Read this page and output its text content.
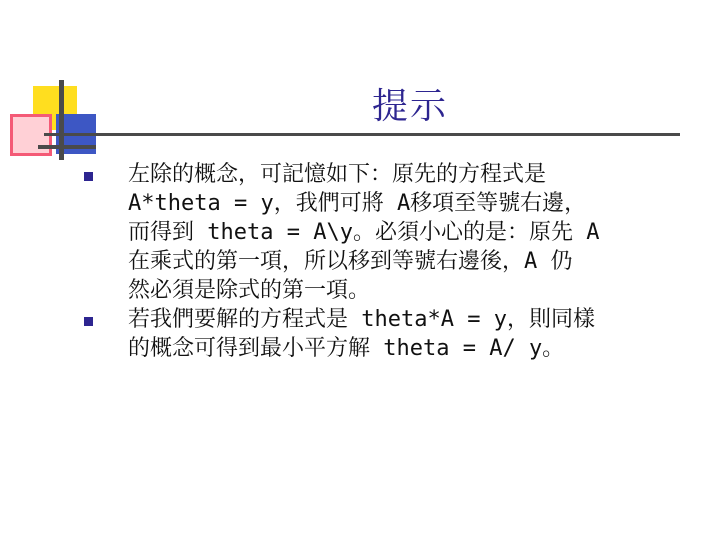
提示

左除的概念，可記憶如下：原先的方程式是

A*theta = y，我們可將 A移項至等號右邊，

而得到 theta = A\y。必須小心的是：原先 A

在乘式的第一項，所以移到等號右邊後，A 仍

然必須是除式的第一項。

若我們要解的方程式是 theta*A = y，則同樣

的概念可得到最小平方解 theta = A/ y。
